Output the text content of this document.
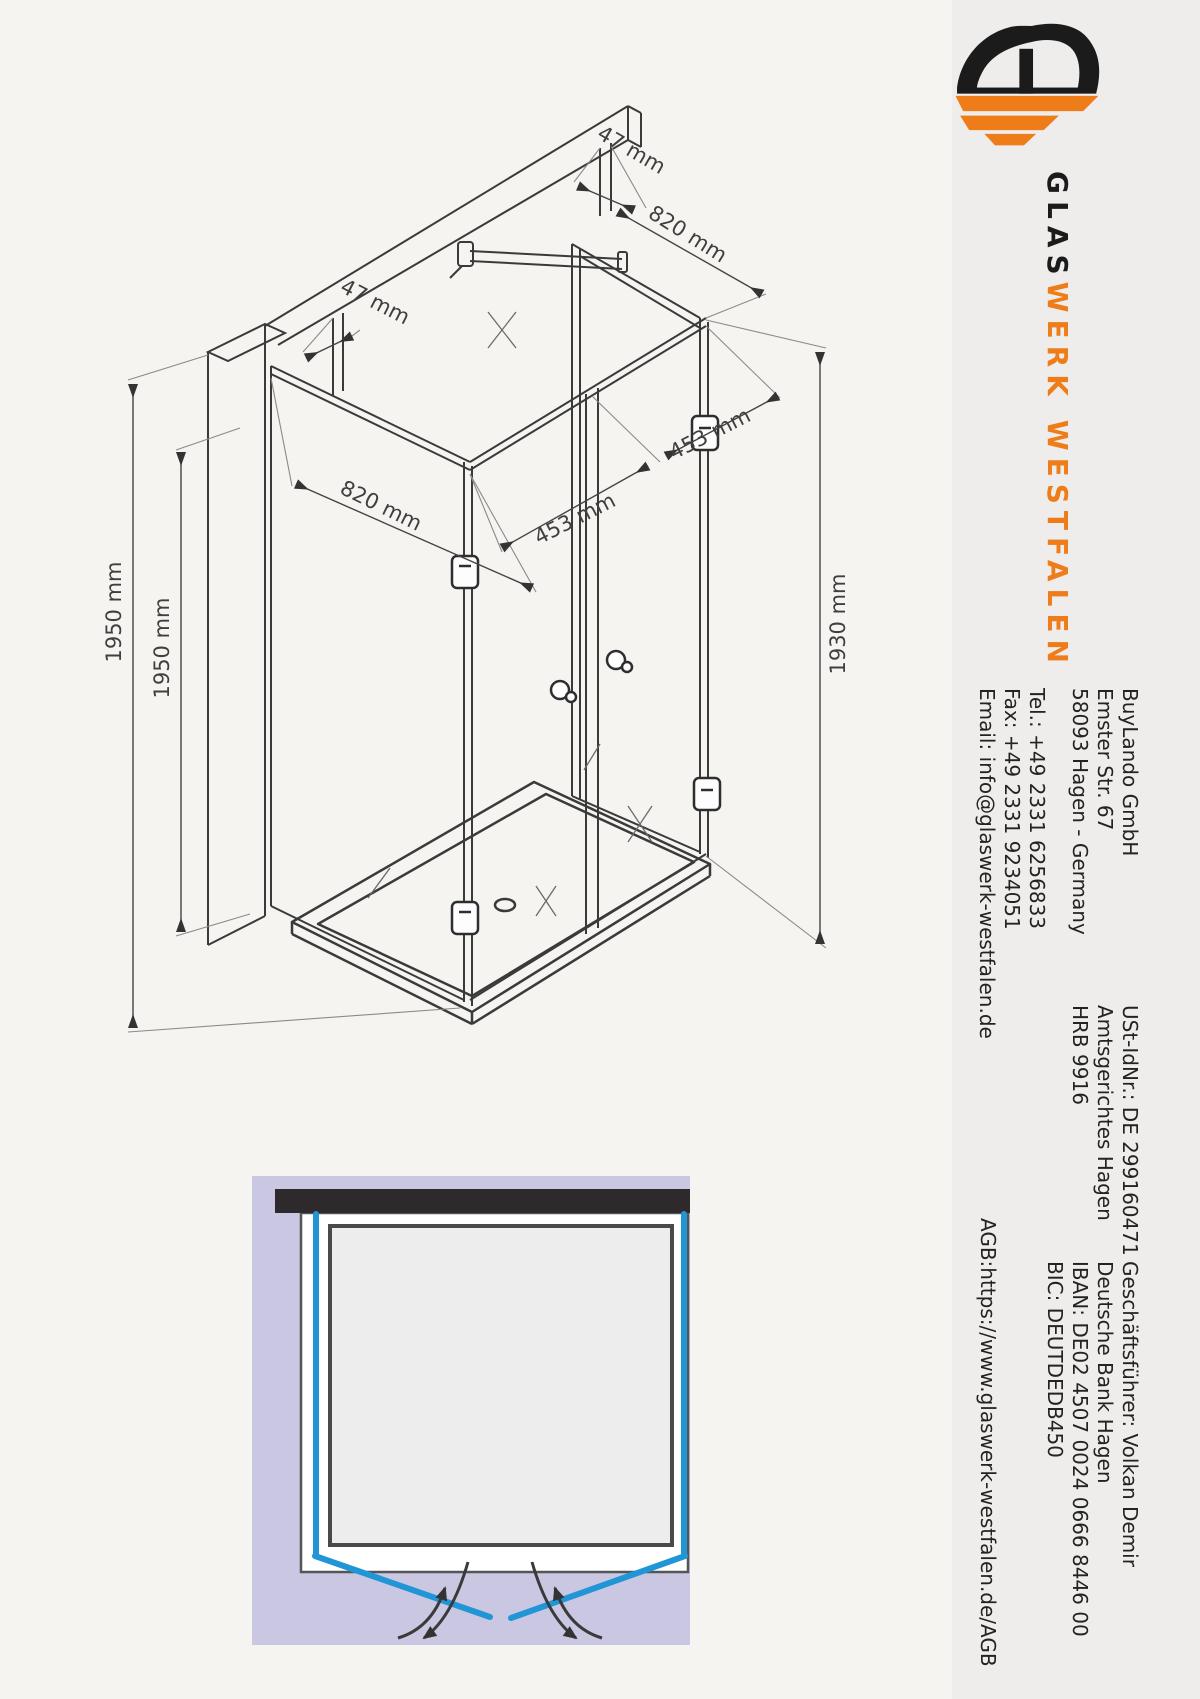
1950 mm 1950 mm	1930 mm
47 mm
820 mm
47 mm
820 mm	453 mm
453 mm
GLASWERK WESTFALEN
BuyLando GmbH
Emster Str. 67
58093 Hagen - Germany
Tel.: +49 2331 6256833
Fax: +49 2331 9234051
Email: info@glaswerk-westfalen.de
USt-IdNr.: DE 299160471
Amtsgerichtes Hagen
HRB 9916
Geschäftsführer: Volkan Demir
Deutsche Bank Hagen
IBAN: DE02 4507 0024 0666 8446 00
BIC: DEUTDEDB450
AGB:https://www.glaswerk-westfalen.de/AGB
